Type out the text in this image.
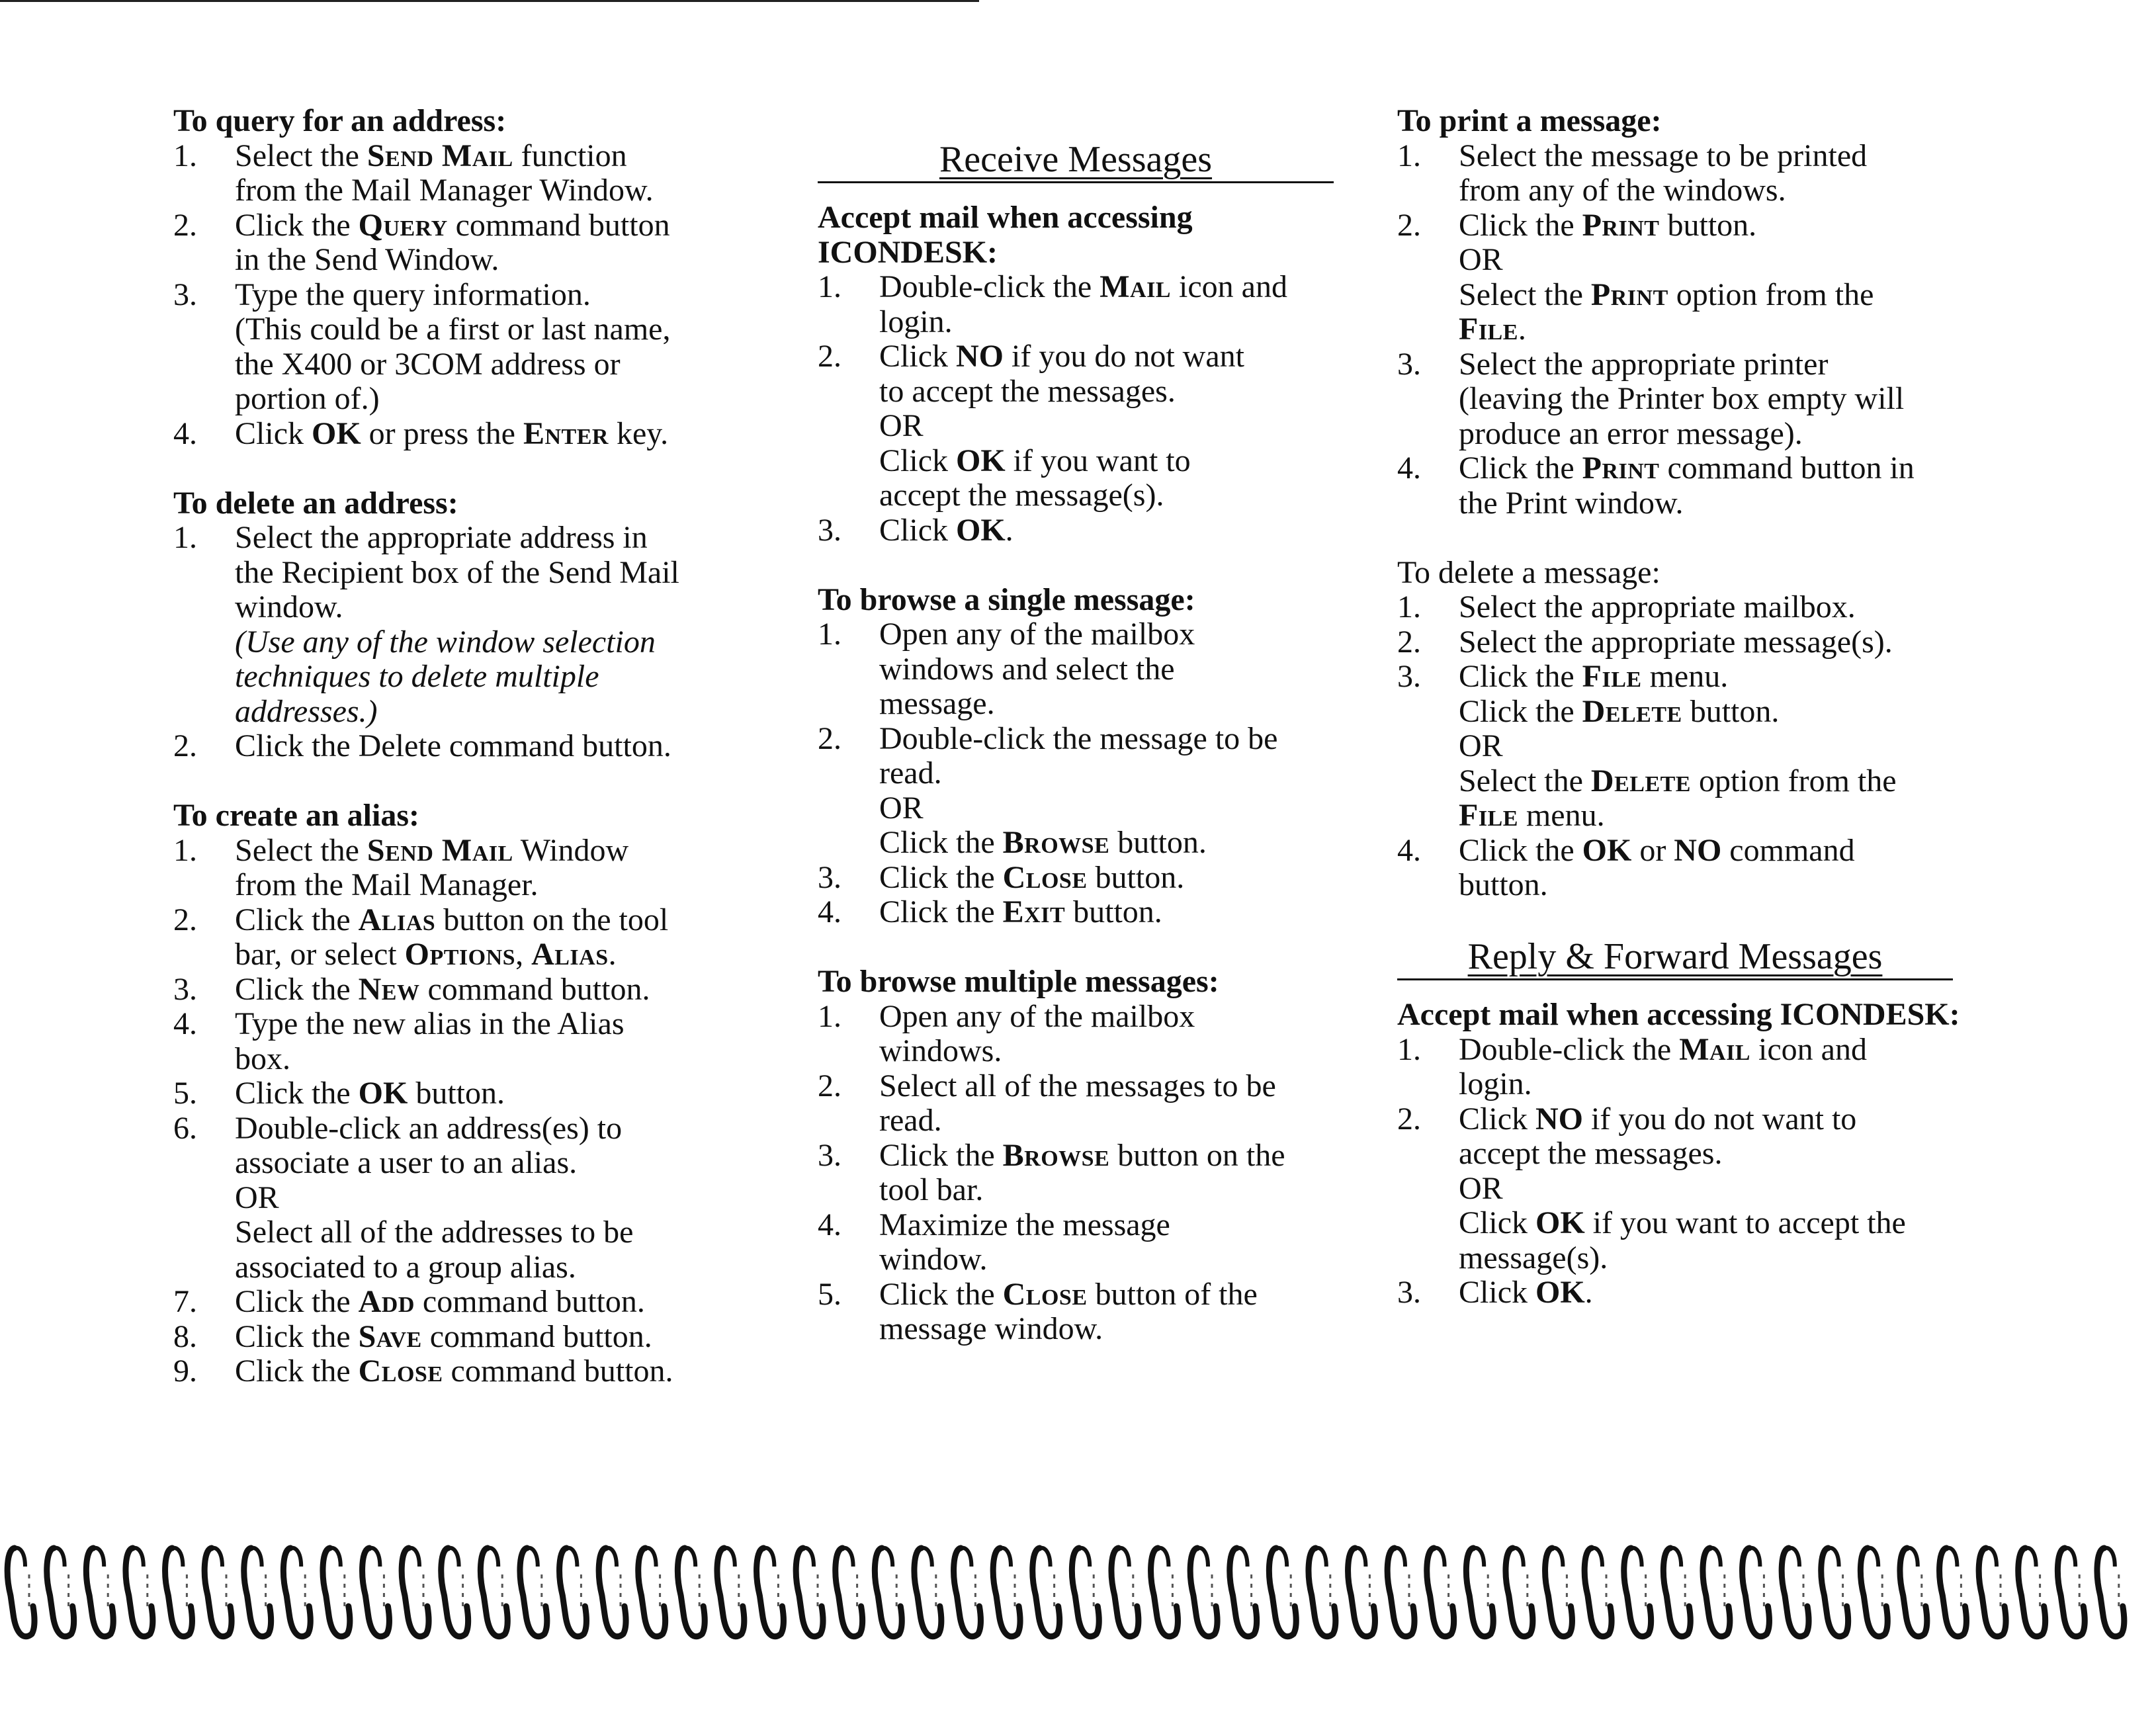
To query for an address:
1. Select the Send Mail function
from the Mail Manager Window.
2. Click the Query command button
in the Send Window.
3. Type the query information.
(This could be a first or last name,
the X400 or 3COM address or
portion of.)
4. Click OK or press the Enter key.
To delete an address:
1. Select the appropriate address in
the Recipient box of the Send Mail
window.
(Use any of the window selection
techniques to delete multiple
addresses.)
2. Click the Delete command button.
To create an alias:
1. Select the Send Mail Window
from the Mail Manager.
2. Click the Alias button on the tool
bar, or select Options, Alias.
3. Click the New command button.
4. Type the new alias in the Alias
box.
5. Click the OK button.
6. Double-click an address(es) to
associate a user to an alias.
OR
Select all of the addresses to be
associated to a group alias.
7. Click the Add command button.
8. Click the Save command button.
9. Click the Close command button.
Receive Messages
Accept mail when accessing ICONDESK:
1. Double-click the Mail icon and
login.
2. Click NO if you do not want
to accept the messages.
OR
Click OK if you want to
accept the message(s).
3. Click OK.
To browse a single message:
1. Open any of the mailbox
windows and select the
message.
2. Double-click the message to be
read.
OR
Click the Browse button.
3. Click the Close button.
4. Click the Exit button.
To browse multiple messages:
1. Open any of the mailbox
windows.
2. Select all of the messages to be
read.
3. Click the Browse button on the
tool bar.
4. Maximize the message
window.
5. Click the Close button of the
message window.
To print a message:
1. Select the message to be printed
from any of the windows.
2. Click the Print button.
OR
Select the Print option from the
File.
3. Select the appropriate printer
(leaving the Printer box empty will
produce an error message).
4. Click the Print command button in
the Print window.
To delete a message:
1. Select the appropriate mailbox.
2. Select the appropriate message(s).
3. Click the File menu.
Click the Delete button.
OR
Select the Delete option from the
File menu.
4. Click the OK or NO command
button.
Reply & Forward Messages
Accept mail when accessing ICONDESK:
1. Double-click the Mail icon and
login.
2. Click NO if you do not want to
accept the messages.
OR
Click OK if you want to accept the
message(s).
3. Click OK.
